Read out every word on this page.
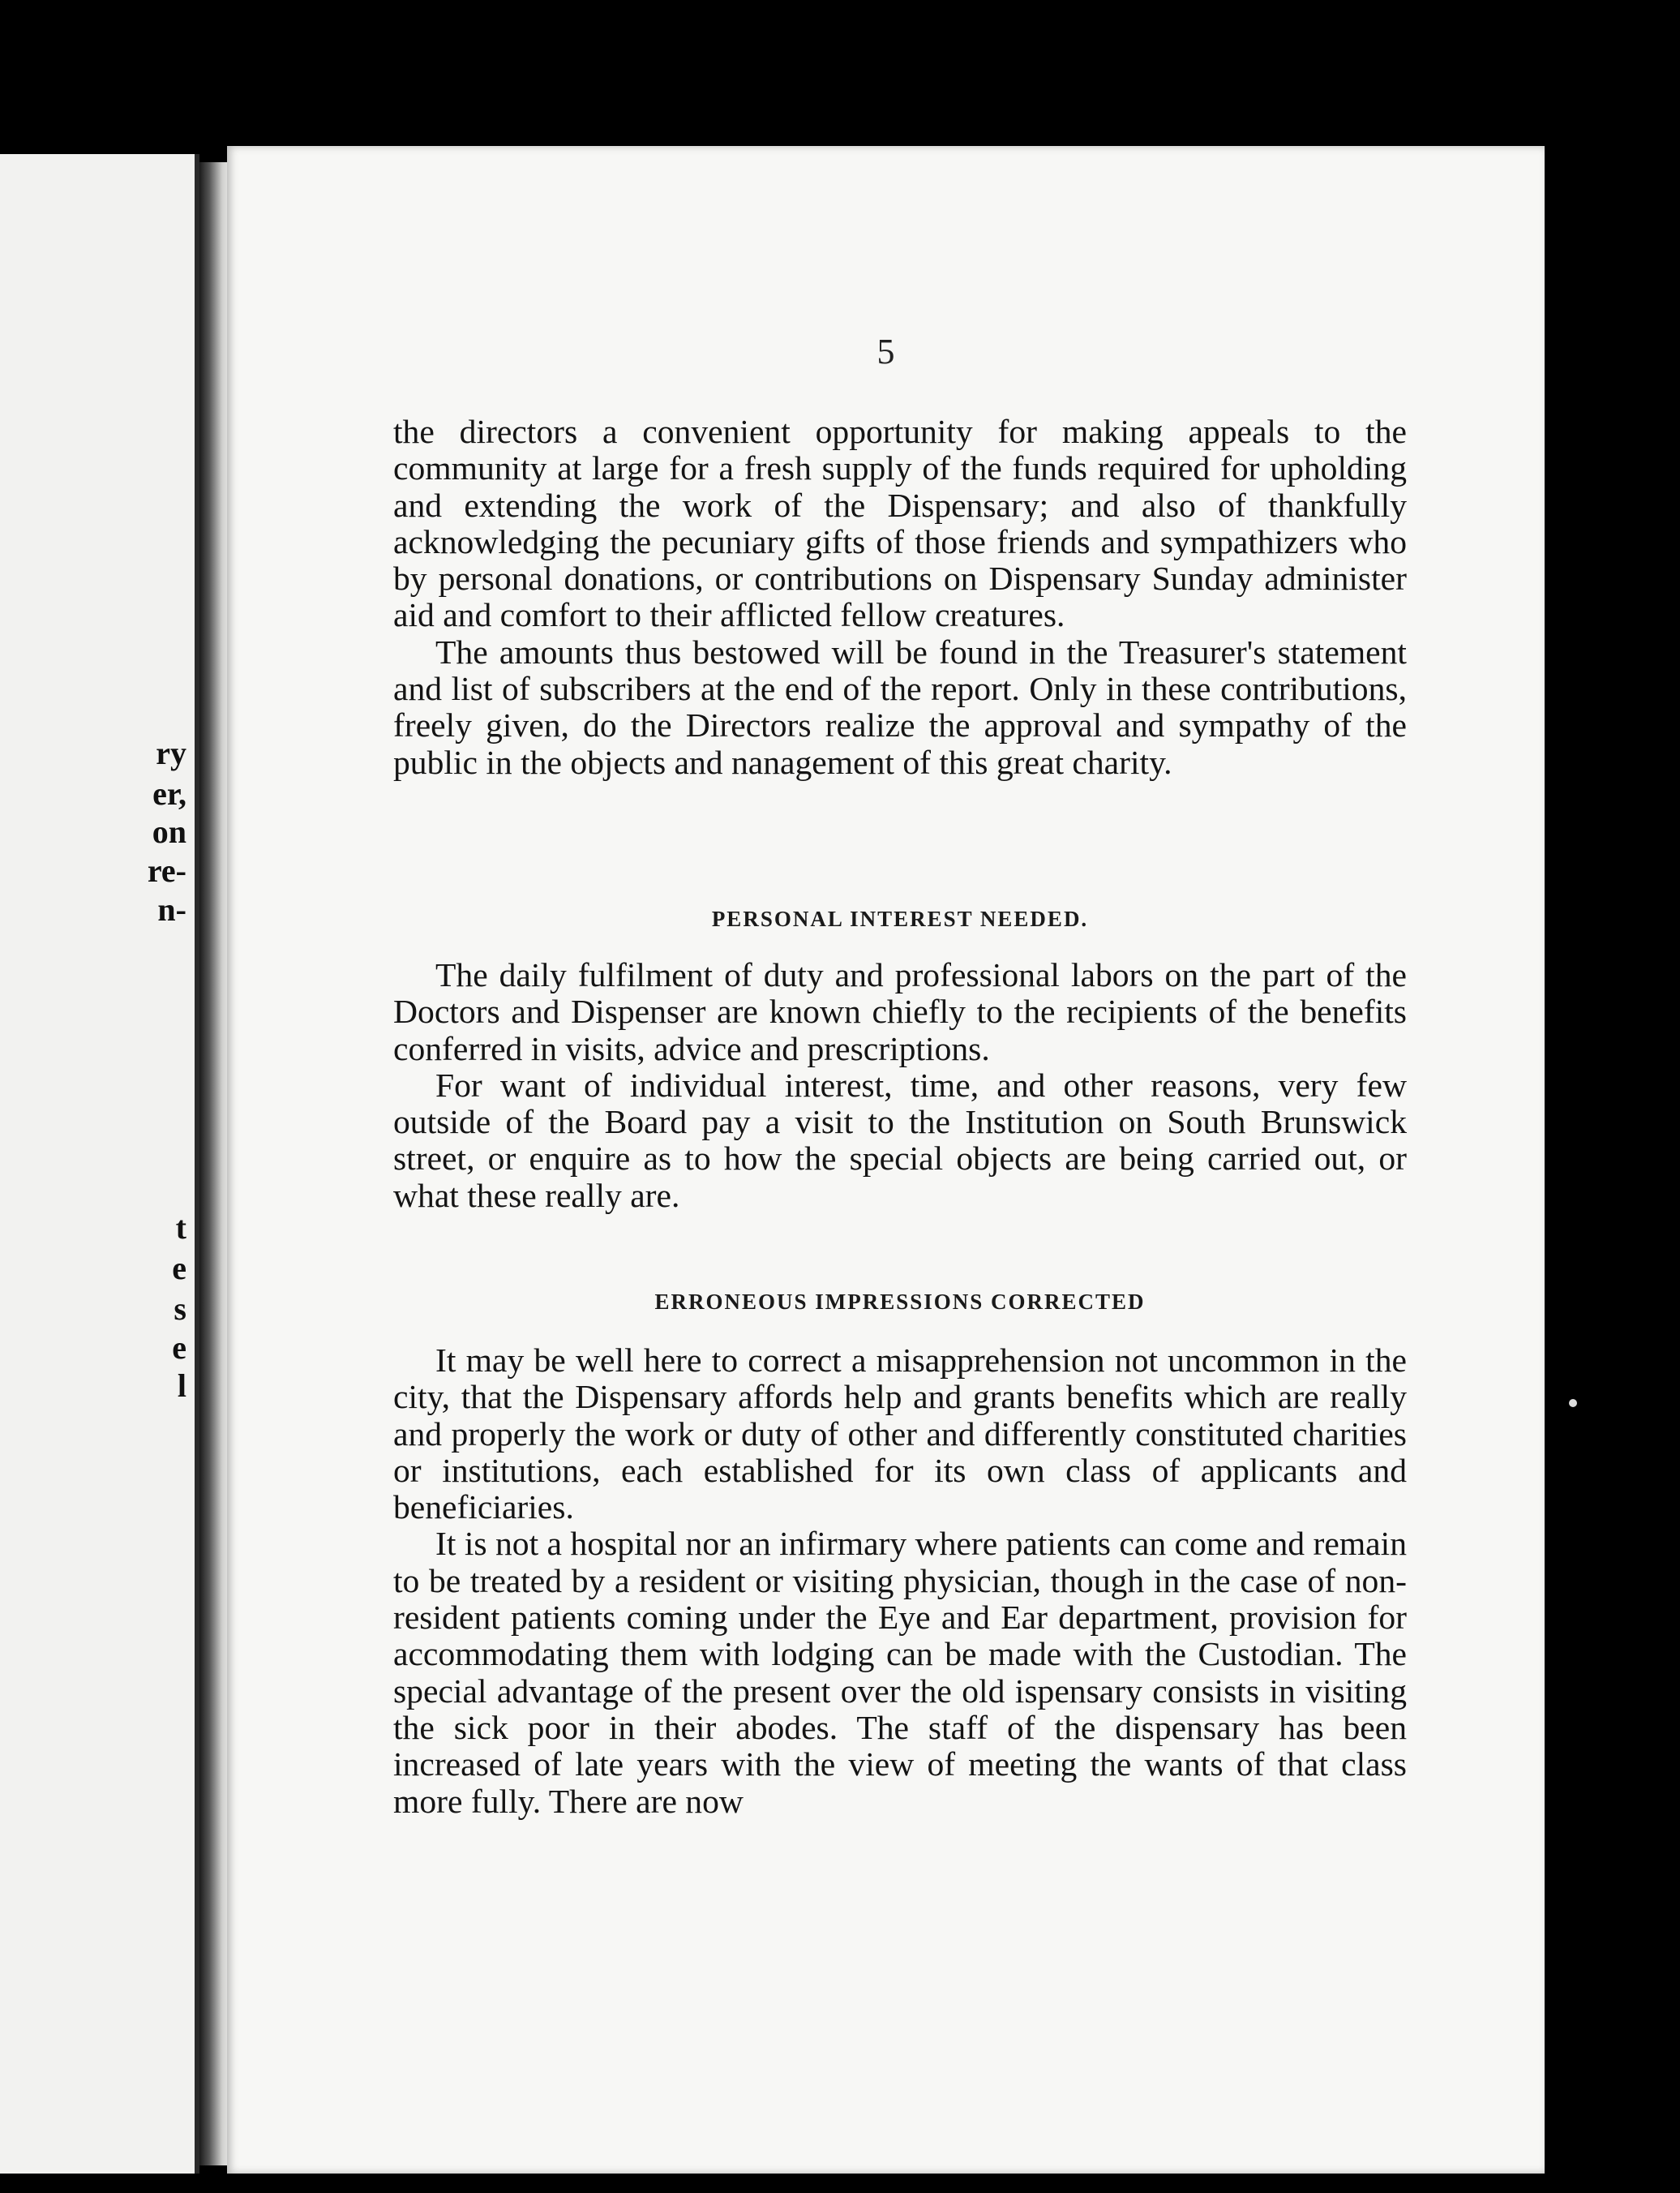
ry
er,
on
re-
n-
t
e
s
e
l
5

the directors a convenient opportunity for making appeals to the community at large for a fresh supply of the funds required for upholding and extending the work of the Dispensary; and also of thankfully acknowledging the pecuniary gifts of those friends and sympathizers who by personal donations, or contributions on Dispensary Sunday administer aid and comfort to their afflicted fellow creatures.

The amounts thus bestowed will be found in the Treasurer's statement and list of subscribers at the end of the report. Only in these contributions, freely given, do the Directors realize the approval and sympathy of the public in the objects and nanagement of this great charity.

PERSONAL INTEREST NEEDED.

The daily fulfilment of duty and professional labors on the part of the Doctors and Dispenser are known chiefly to the recipients of the benefits conferred in visits, advice and prescriptions.

For want of individual interest, time, and other reasons, very few outside of the Board pay a visit to the Institution on South Brunswick street, or enquire as to how the special objects are being carried out, or what these really are.

ERRONEOUS IMPRESSIONS CORRECTED

It may be well here to correct a misapprehension not uncommon in the city, that the Dispensary affords help and grants benefits which are really and properly the work or duty of other and differently constituted charities or institutions, each established for its own class of applicants and beneficiaries.

It is not a hospital nor an infirmary where patients can come and remain to be treated by a resident or visiting physician, though in the case of non-resident patients coming under the Eye and Ear department, provision for accommodating them with lodging can be made with the Custodian. The special advantage of the present over the old ispensary consists in visiting the sick poor in their abodes. The staff of the dispensary has been increased of late years with the view of meeting the wants of that class more fully. There are now
